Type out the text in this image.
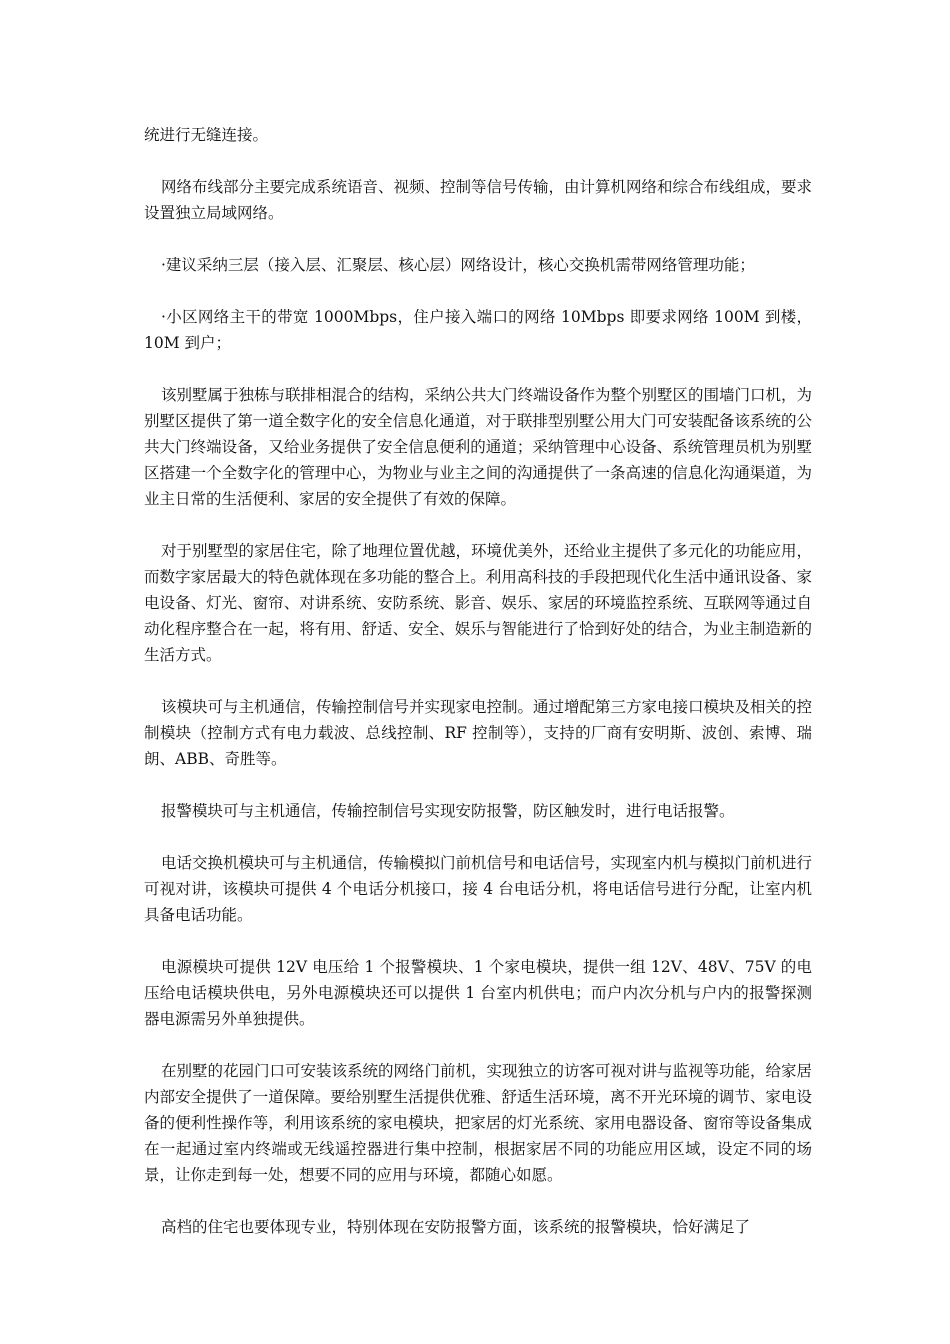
统进行无缝连接。

网络布线部分主要完成系统语音、视频、控制等信号传输，由计算机网络和综合布线组成，要求设置独立局域网络。

·建议采纳三层（接入层、汇聚层、核心层）网络设计，核心交换机需带网络管理功能；

·小区网络主干的带宽 1000Mbps，住户接入端口的网络 10Mbps 即要求网络 100M 到楼，10M 到户；

该别墅属于独栋与联排相混合的结构，采纳公共大门终端设备作为整个别墅区的围墙门口机，为别墅区提供了第一道全数字化的安全信息化通道，对于联排型别墅公用大门可安装配备该系统的公共大门终端设备，又给业务提供了安全信息便利的通道；采纳管理中心设备、系统管理员机为别墅区搭建一个全数字化的管理中心，为物业与业主之间的沟通提供了一条高速的信息化沟通渠道，为业主日常的生活便利、家居的安全提供了有效的保障。

对于别墅型的家居住宅，除了地理位置优越，环境优美外，还给业主提供了多元化的功能应用，而数字家居最大的特色就体现在多功能的整合上。利用高科技的手段把现代化生活中通讯设备、家电设备、灯光、窗帘、对讲系统、安防系统、影音、娱乐、家居的环境监控系统、互联网等通过自动化程序整合在一起，将有用、舒适、安全、娱乐与智能进行了恰到好处的结合，为业主制造新的生活方式。

该模块可与主机通信，传输控制信号并实现家电控制。通过增配第三方家电接口模块及相关的控制模块（控制方式有电力载波、总线控制、RF 控制等），支持的厂商有安明斯、波创、索博、瑞朗、ABB、奇胜等。

报警模块可与主机通信，传输控制信号实现安防报警，防区触发时，进行电话报警。

电话交换机模块可与主机通信，传输模拟门前机信号和电话信号，实现室内机与模拟门前机进行可视对讲，该模块可提供 4 个电话分机接口，接 4 台电话分机，将电话信号进行分配，让室内机具备电话功能。

电源模块可提供 12V 电压给 1 个报警模块、1 个家电模块，提供一组 12V、48V、75V 的电压给电话模块供电，另外电源模块还可以提供 1 台室内机供电；而户内次分机与户内的报警探测器电源需另外单独提供。

在别墅的花园门口可安装该系统的网络门前机，实现独立的访客可视对讲与监视等功能，给家居内部安全提供了一道保障。要给别墅生活提供优雅、舒适生活环境，离不开光环境的调节、家电设备的便利性操作等，利用该系统的家电模块，把家居的灯光系统、家用电器设备、窗帘等设备集成在一起通过室内终端或无线遥控器进行集中控制，根据家居不同的功能应用区域，设定不同的场景，让你走到每一处，想要不同的应用与环境，都随心如愿。

高档的住宅也要体现专业，特别体现在安防报警方面，该系统的报警模块，恰好满足了
